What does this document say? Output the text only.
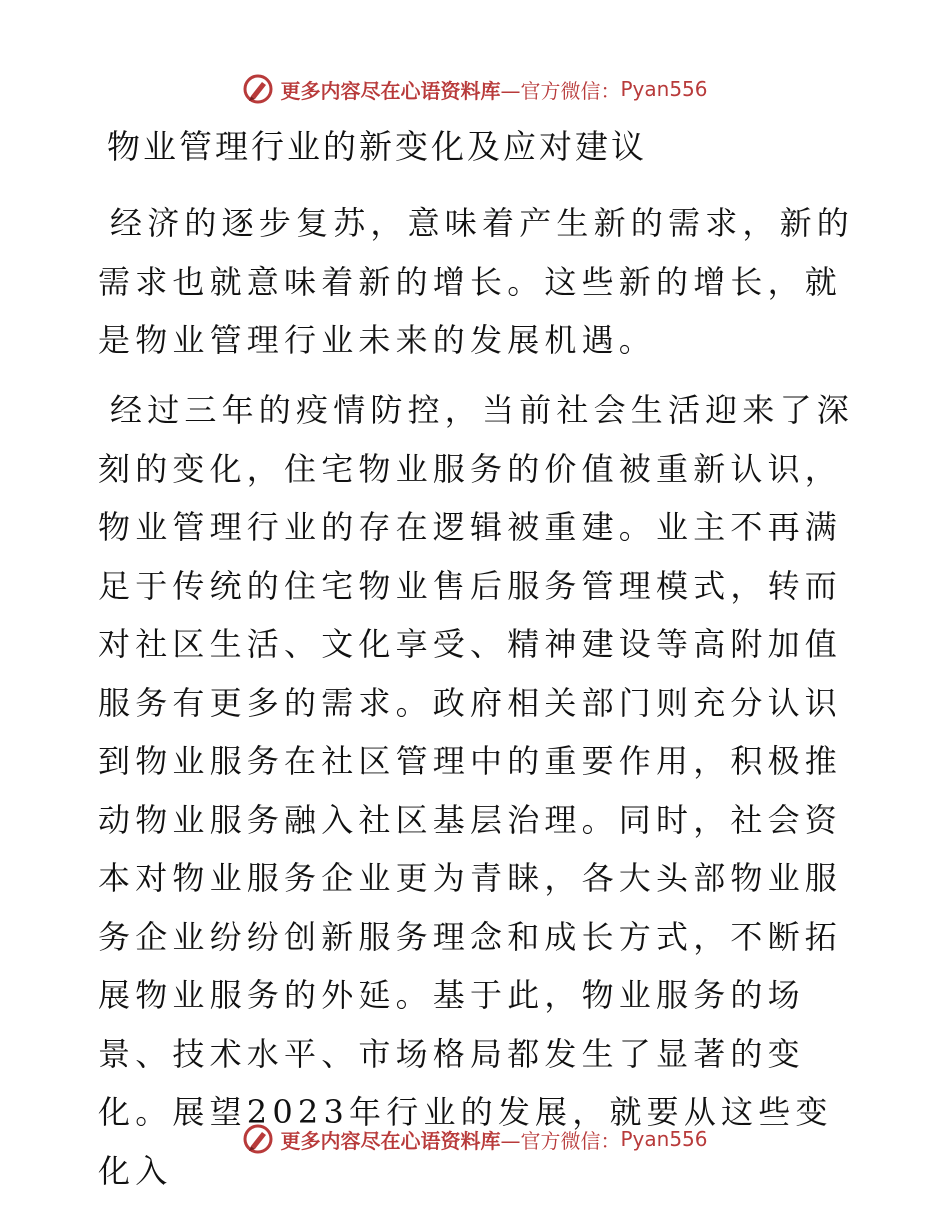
更多内容尽在心语资料库 —官方微信： Pyan556
物业管理行业的新变化及应对建议

经济的逐步复苏，意味着产生新的需求，新的需求也就意味着新的增长。这些新的增长，就是物业管理行业未来的发展机遇。

经过三年的疫情防控，当前社会生活迎来了深刻的变化，住宅物业服务的价值被重新认识，物业管理行业的存在逻辑被重建。业主不再满足于传统的住宅物业售后服务管理模式，转而对社区生活、文化享受、精神建设等高附加值服务有更多的需求。政府相关部门则充分认识到物业服务在社区管理中的重要作用，积极推动物业服务融入社区基层治理。同时，社会资本对物业服务企业更为青睐，各大头部物业服务企业纷纷创新服务理念和成长方式，不断拓展物业服务的外延。基于此，物业服务的场景、技术水平、市场格局都发生了显著的变化。展望2023年行业的发展，就要从这些变化入

更多内容尽在心语资料库 —官方微信： Pyan556
